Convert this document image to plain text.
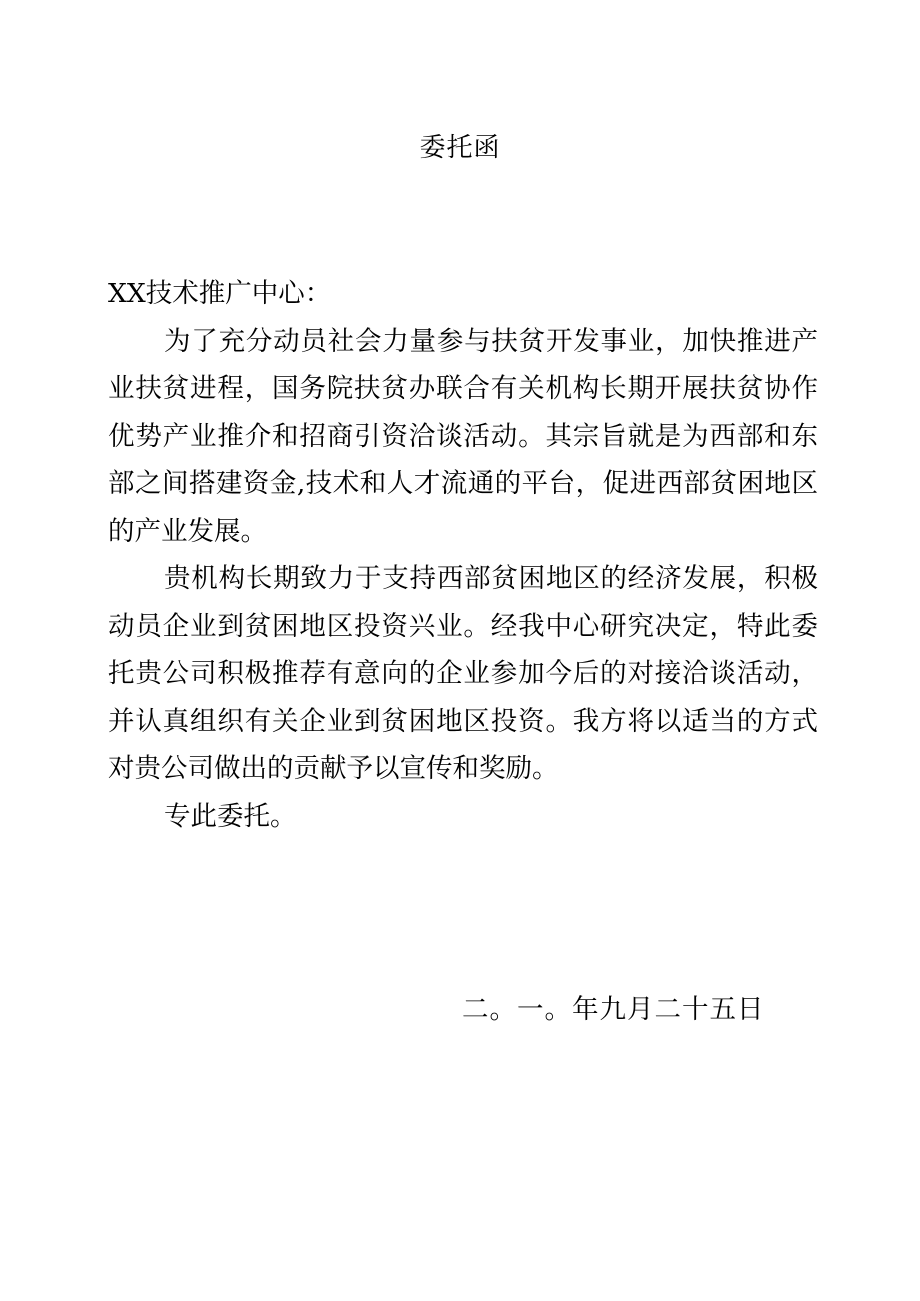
委托函

XX技术推广中心：

为了充分动员社会力量参与扶贫开发事业，加快推进产业扶贫进程，国务院扶贫办联合有关机构长期开展扶贫协作优势产业推介和招商引资洽谈活动。其宗旨就是为西部和东部之间搭建资金,技术和人才流通的平台，促进西部贫困地区的产业发展。

贵机构长期致力于支持西部贫困地区的经济发展，积极动员企业到贫困地区投资兴业。经我中心研究决定，特此委托贵公司积极推荐有意向的企业参加今后的对接洽谈活动，并认真组织有关企业到贫困地区投资。我方将以适当的方式对贵公司做出的贡献予以宣传和奖励。

专此委托。

二。一。年九月二十五日
